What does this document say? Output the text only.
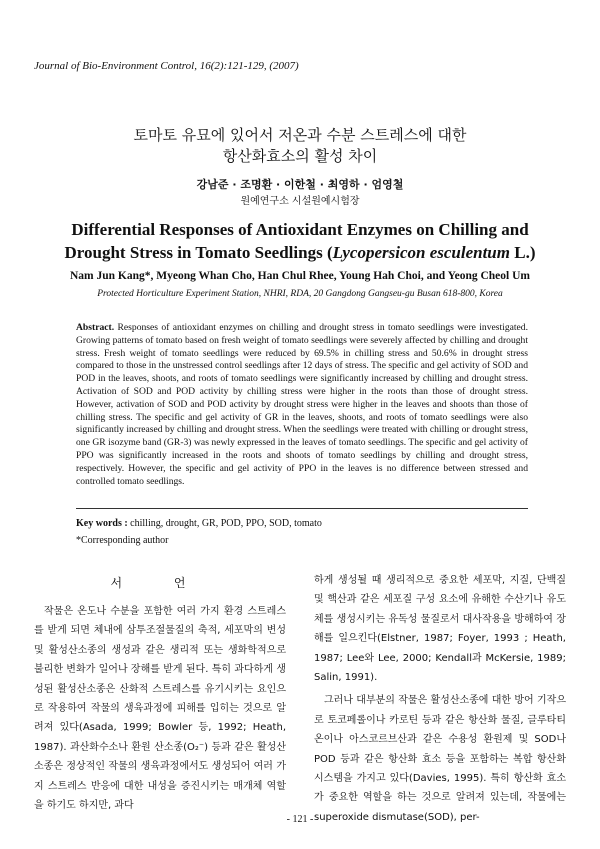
Journal of Bio-Environment Control, 16(2):121-129, (2007)
토마토 유묘에 있어서 저온과 수분 스트레스에 대한
항산화효소의 활성 차이
강남준 · 조명환 · 이한철 · 최영하 · 엄영철
원예연구소 시설원예시험장
Differential Responses of Antioxidant Enzymes on Chilling and
Drought Stress in Tomato Seedlings (Lycopersicon esculentum L.)
Nam Jun Kang*, Myeong Whan Cho, Han Chul Rhee, Young Hah Choi, and Yeong Cheol Um
Protected Horticulture Experiment Station, NHRI, RDA, 20 Gangdong Gangseu-gu Busan 618-800, Korea
Abstract. Responses of antioxidant enzymes on chilling and drought stress in tomato seedlings were investigated. Growing patterns of tomato based on fresh weight of tomato seedlings were severely affected by chilling and drought stress. Fresh weight of tomato seedlings were reduced by 69.5% in chilling stress and 50.6% in drought stress compared to those in the unstressed control seedlings after 12 days of stress. The specific and gel activity of SOD and POD in the leaves, shoots, and roots of tomato seedlings were significantly increased by chilling and drought stress. Activation of SOD and POD activity by chilling stress were higher in the roots than those of drought stress. However, activation of SOD and POD activity by drought stress were higher in the leaves and shoots than those of chilling stress. The specific and gel activity of GR in the leaves, shoots, and roots of tomato seedlings were also significantly increased by chilling and drought stress. When the seedlings were treated with chilling or drought stress, one GR isozyme band (GR-3) was newly expressed in the leaves of tomato seedlings. The specific and gel activity of PPO was significantly increased in the roots and shoots of tomato seedlings by chilling and drought stress, respectively. However, the specific and gel activity of PPO in the leaves is no difference between stressed and controlled tomato seedlings.
Key words : chilling, drought, GR, POD, PPO, SOD, tomato
*Corresponding author
서 언

작물은 온도나 수분을 포함한 여러 가지 환경 스트레스를 받게 되면 체내에 삼투조절물질의 축적, 세포막의 변성 및 활성산소종의 생성과 같은 생리적 또는 생화학적으로 불리한 변화가 일어나 장해를 받게 된다. 특히 과다하게 생성된 활성산소종은 산화적 스트레스를 유기시키는 요인으로 작용하여 작물의 생육과정에 피해를 입히는 것으로 알려져 있다(Asada, 1999; Bowler 등, 1992; Heath, 1987). 과산화수소나 환원 산소종(O₂⁻) 등과 같은 활성산소종은 정상적인 작물의 생육과정에서도 생성되어 여러 가지 스트레스 반응에 대한 내성을 증진시키는 매개체 역할을 하기도 하지만, 과다

하게 생성될 때 생리적으로 중요한 세포막, 지질, 단백질 및 핵산과 같은 세포질 구성 요소에 유해한 수산기나 유도체를 생성시키는 유독성 물질로서 대사작용을 방해하여 장해를 일으킨다(Elstner, 1987; Foyer, 1993 ; Heath, 1987; Lee와 Lee, 2000; Kendall과 McKersie, 1989; Salin, 1991).

그러나 대부분의 작물은 활성산소종에 대한 방어 기작으로 토코페롤이나 카로틴 등과 같은 항산화 물질, 글루타티온이나 아스코르브산과 같은 수용성 환원제 및 SOD나 POD 등과 같은 항산화 효소 등을 포함하는 복합 항산화 시스템을 가지고 있다(Davies, 1995). 특히 항산화 효소가 중요한 역할을 하는 것으로 알려져 있는데, 작물에는 superoxide dismutase(SOD), per-

- 121 -
